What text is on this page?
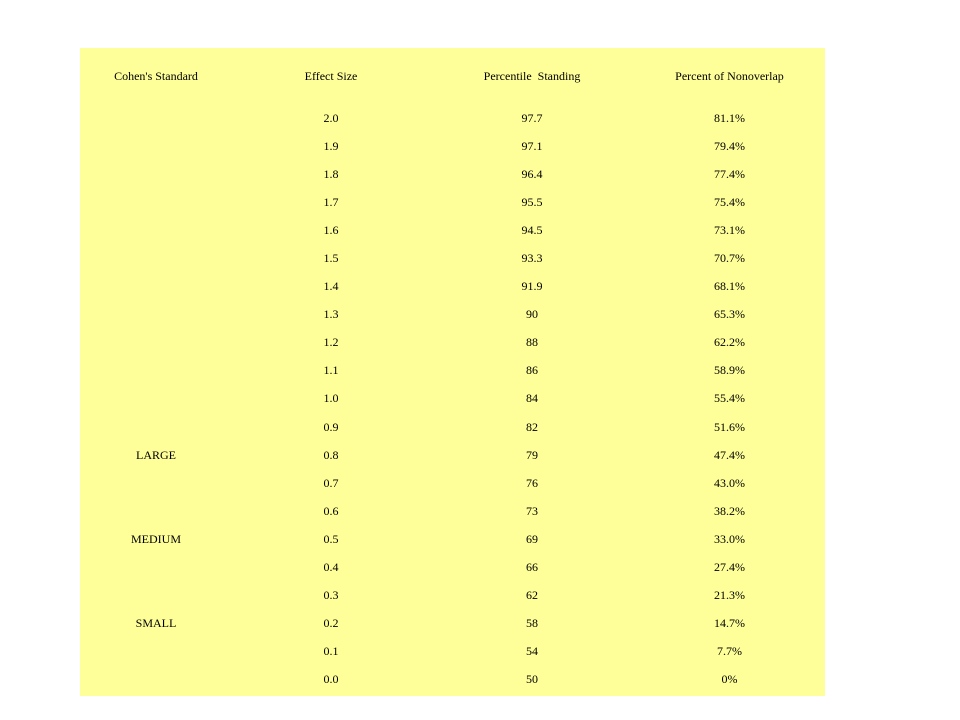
Cohen's Standard	Effect Size	Percentile  Standing	Percent of Nonoverlap
	2.0	97.7	81.1%
	1.9	97.1	79.4%
	1.8	96.4	77.4%
	1.7	95.5	75.4%
	1.6	94.5	73.1%
	1.5	93.3	70.7%
	1.4	91.9	68.1%
	1.3	90	65.3%
	1.2	88	62.2%
	1.1	86	58.9%
	1.0	84	55.4%
	0.9	82	51.6%
LARGE	0.8	79	47.4%
	0.7	76	43.0%
	0.6	73	38.2%
MEDIUM	0.5	69	33.0%
	0.4	66	27.4%
	0.3	62	21.3%
SMALL	0.2	58	14.7%
	0.1	54	7.7%
	0.0	50	0%
